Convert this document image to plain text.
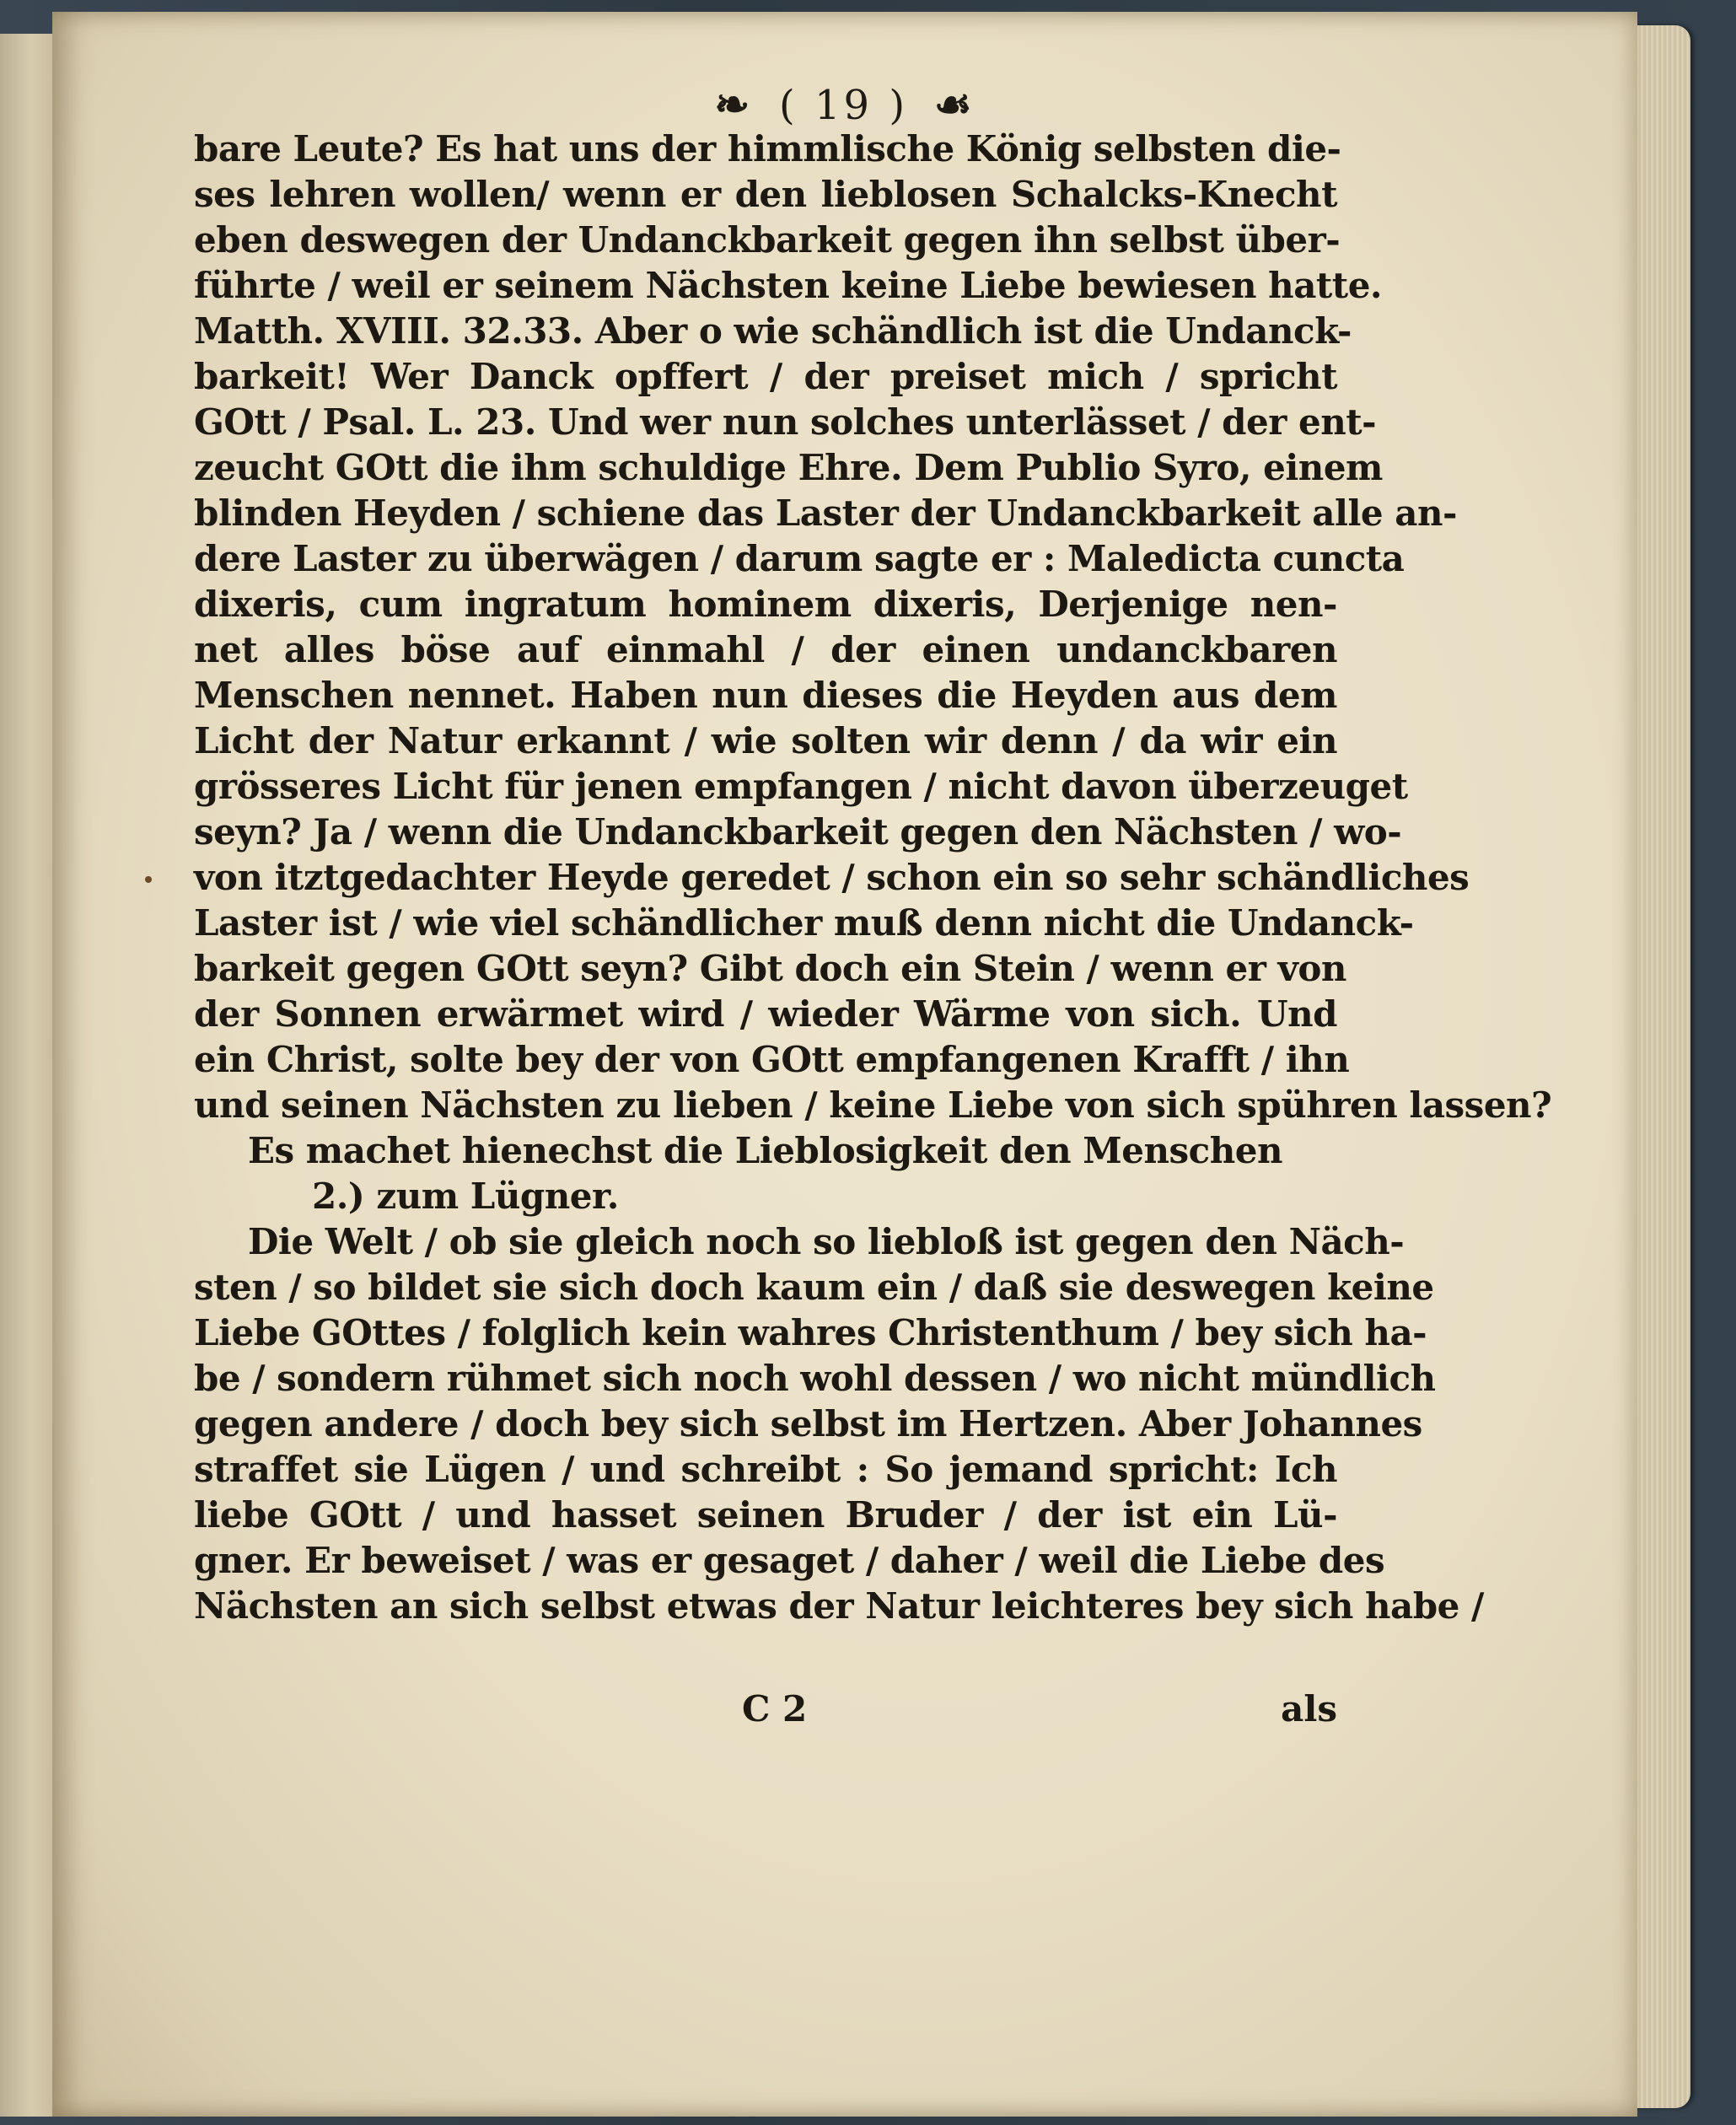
❧ ( 19 ) ☙
bare Leute? Es hat uns der himmlische König selbsten die-
ses lehren wollen/ wenn er den lieblosen Schalcks-Knecht
eben deswegen der Undanckbarkeit gegen ihn selbst über-
führte / weil er seinem Nächsten keine Liebe bewiesen hatte.
Matth. XVIII. 32.33. Aber o wie schändlich ist die Undanck-
barkeit! Wer Danck opffert / der preiset mich / spricht
GOtt / Psal. L. 23. Und wer nun solches unterlässet / der ent-
zeucht GOtt die ihm schuldige Ehre. Dem Publio Syro, einem
blinden Heyden / schiene das Laster der Undanckbarkeit alle an-
dere Laster zu überwägen / darum sagte er : Maledicta cuncta
dixeris, cum ingratum hominem dixeris, Derjenige nen-
net alles böse auf einmahl / der einen undanckbaren
Menschen nennet. Haben nun dieses die Heyden aus dem
Licht der Natur erkannt / wie solten wir denn / da wir ein
grösseres Licht für jenen empfangen / nicht davon überzeuget
seyn? Ja / wenn die Undanckbarkeit gegen den Nächsten / wo-
von itztgedachter Heyde geredet / schon ein so sehr schändliches
Laster ist / wie viel schändlicher muß denn nicht die Undanck-
barkeit gegen GOtt seyn? Gibt doch ein Stein / wenn er von
der Sonnen erwärmet wird / wieder Wärme von sich. Und
ein Christ, solte bey der von GOtt empfangenen Krafft / ihn
und seinen Nächsten zu lieben / keine Liebe von sich spühren lassen?
Es machet hienechst die Lieblosigkeit den Menschen
2.) zum Lügner.
Die Welt / ob sie gleich noch so liebloß ist gegen den Näch-
sten / so bildet sie sich doch kaum ein / daß sie deswegen keine
Liebe GOttes / folglich kein wahres Christenthum / bey sich ha-
be / sondern rühmet sich noch wohl dessen / wo nicht mündlich
gegen andere / doch bey sich selbst im Hertzen. Aber Johannes
straffet sie Lügen / und schreibt : So jemand spricht: Ich
liebe GOtt / und hasset seinen Bruder / der ist ein Lü-
gner. Er beweiset / was er gesaget / daher / weil die Liebe des
Nächsten an sich selbst etwas der Natur leichteres bey sich habe /
C 2	als
